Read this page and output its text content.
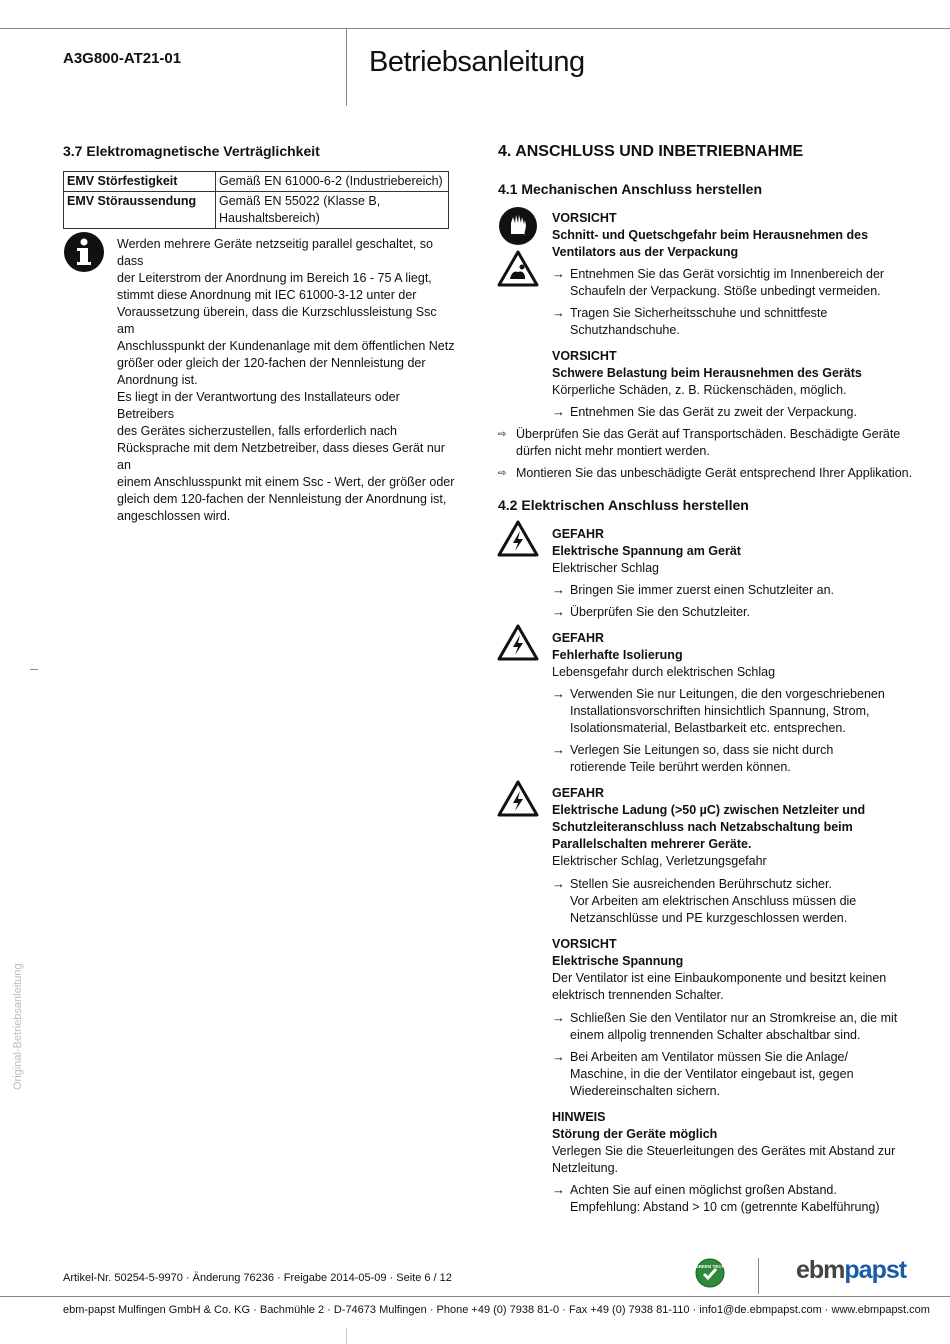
A3G800-AT21-01	Betriebsanleitung
Original-Betriebsanleitung
3.7 Elektromagnetische Verträglichkeit
EMV Störfestigkeit	Gemäß EN 61000-6-2 (Industriebereich)
EMV Störaussendung	Gemäß EN 55022 (Klasse B, Haushaltsbereich)
Werden mehrere Geräte netzseitig parallel geschaltet, so dass
der Leiterstrom der Anordnung im Bereich 16 - 75 A liegt,
stimmt diese Anordnung mit IEC 61000-3-12 unter der
Voraussetzung überein, dass die Kurzschlussleistung Ssc am
Anschlusspunkt der Kundenanlage mit dem öffentlichen Netz
größer oder gleich der 120-fachen der Nennleistung der
Anordnung ist.
Es liegt in der Verantwortung des Installateurs oder Betreibers
des Gerätes sicherzustellen, falls erforderlich nach
Rücksprache mit dem Netzbetreiber, dass dieses Gerät nur an
einem Anschlusspunkt mit einem Ssc - Wert, der größer oder
gleich dem 120-fachen der Nennleistung der Anordnung ist,
angeschlossen wird.
4. ANSCHLUSS UND INBETRIEBNAHME
4.1 Mechanischen Anschluss herstellen
VORSICHT
Schnitt- und Quetschgefahr beim Herausnehmen des
Ventilators aus der Verpackung
→ Entnehmen Sie das Gerät vorsichtig im Innenbereich der
Schaufeln der Verpackung. Stöße unbedingt vermeiden.
→ Tragen Sie Sicherheitsschuhe und schnittfeste
Schutzhandschuhe.
VORSICHT
Schwere Belastung beim Herausnehmen des Geräts
Körperliche Schäden, z. B. Rückenschäden, möglich.
→ Entnehmen Sie das Gerät zu zweit der Verpackung.
⇨ Überprüfen Sie das Gerät auf Transportschäden. Beschädigte Geräte
dürfen nicht mehr montiert werden.
⇨ Montieren Sie das unbeschädigte Gerät entsprechend Ihrer Applikation.
4.2 Elektrischen Anschluss herstellen
GEFAHR
Elektrische Spannung am Gerät
Elektrischer Schlag
→ Bringen Sie immer zuerst einen Schutzleiter an.
→ Überprüfen Sie den Schutzleiter.
GEFAHR
Fehlerhafte Isolierung
Lebensgefahr durch elektrischen Schlag
→ Verwenden Sie nur Leitungen, die den vorgeschriebenen
Installationsvorschriften hinsichtlich Spannung, Strom,
Isolationsmaterial, Belastbarkeit etc. entsprechen.
→ Verlegen Sie Leitungen so, dass sie nicht durch
rotierende Teile berührt werden können.
GEFAHR
Elektrische Ladung (>50 µC) zwischen Netzleiter und
Schutzleiteranschluss nach Netzabschaltung beim
Parallelschalten mehrerer Geräte.
Elektrischer Schlag, Verletzungsgefahr
→ Stellen Sie ausreichenden Berührschutz sicher.
Vor Arbeiten am elektrischen Anschluss müssen die
Netzanschlüsse und PE kurzgeschlossen werden.
VORSICHT
Elektrische Spannung
Der Ventilator ist eine Einbaukomponente und besitzt keinen
elektrisch trennenden Schalter.
→ Schließen Sie den Ventilator nur an Stromkreise an, die mit
einem allpolig trennenden Schalter abschaltbar sind.
→ Bei Arbeiten am Ventilator müssen Sie die Anlage/
Maschine, in die der Ventilator eingebaut ist, gegen
Wiedereinschalten sichern.
HINWEIS
Störung der Geräte möglich
Verlegen Sie die Steuerleitungen des Gerätes mit Abstand zur
Netzleitung.
→ Achten Sie auf einen möglichst großen Abstand.
Empfehlung: Abstand > 10 cm (getrennte Kabelführung)
Artikel-Nr. 50254-5-9970 · Änderung 76236 · Freigabe 2014-05-09 · Seite 6 / 12
GREEN TECH	ebmpapst
ebm-papst Mulfingen GmbH & Co. KG · Bachmühle 2 · D-74673 Mulfingen · Phone +49 (0) 7938 81-0 · Fax +49 (0) 7938 81-110 · info1@de.ebmpapst.com · www.ebmpapst.com
